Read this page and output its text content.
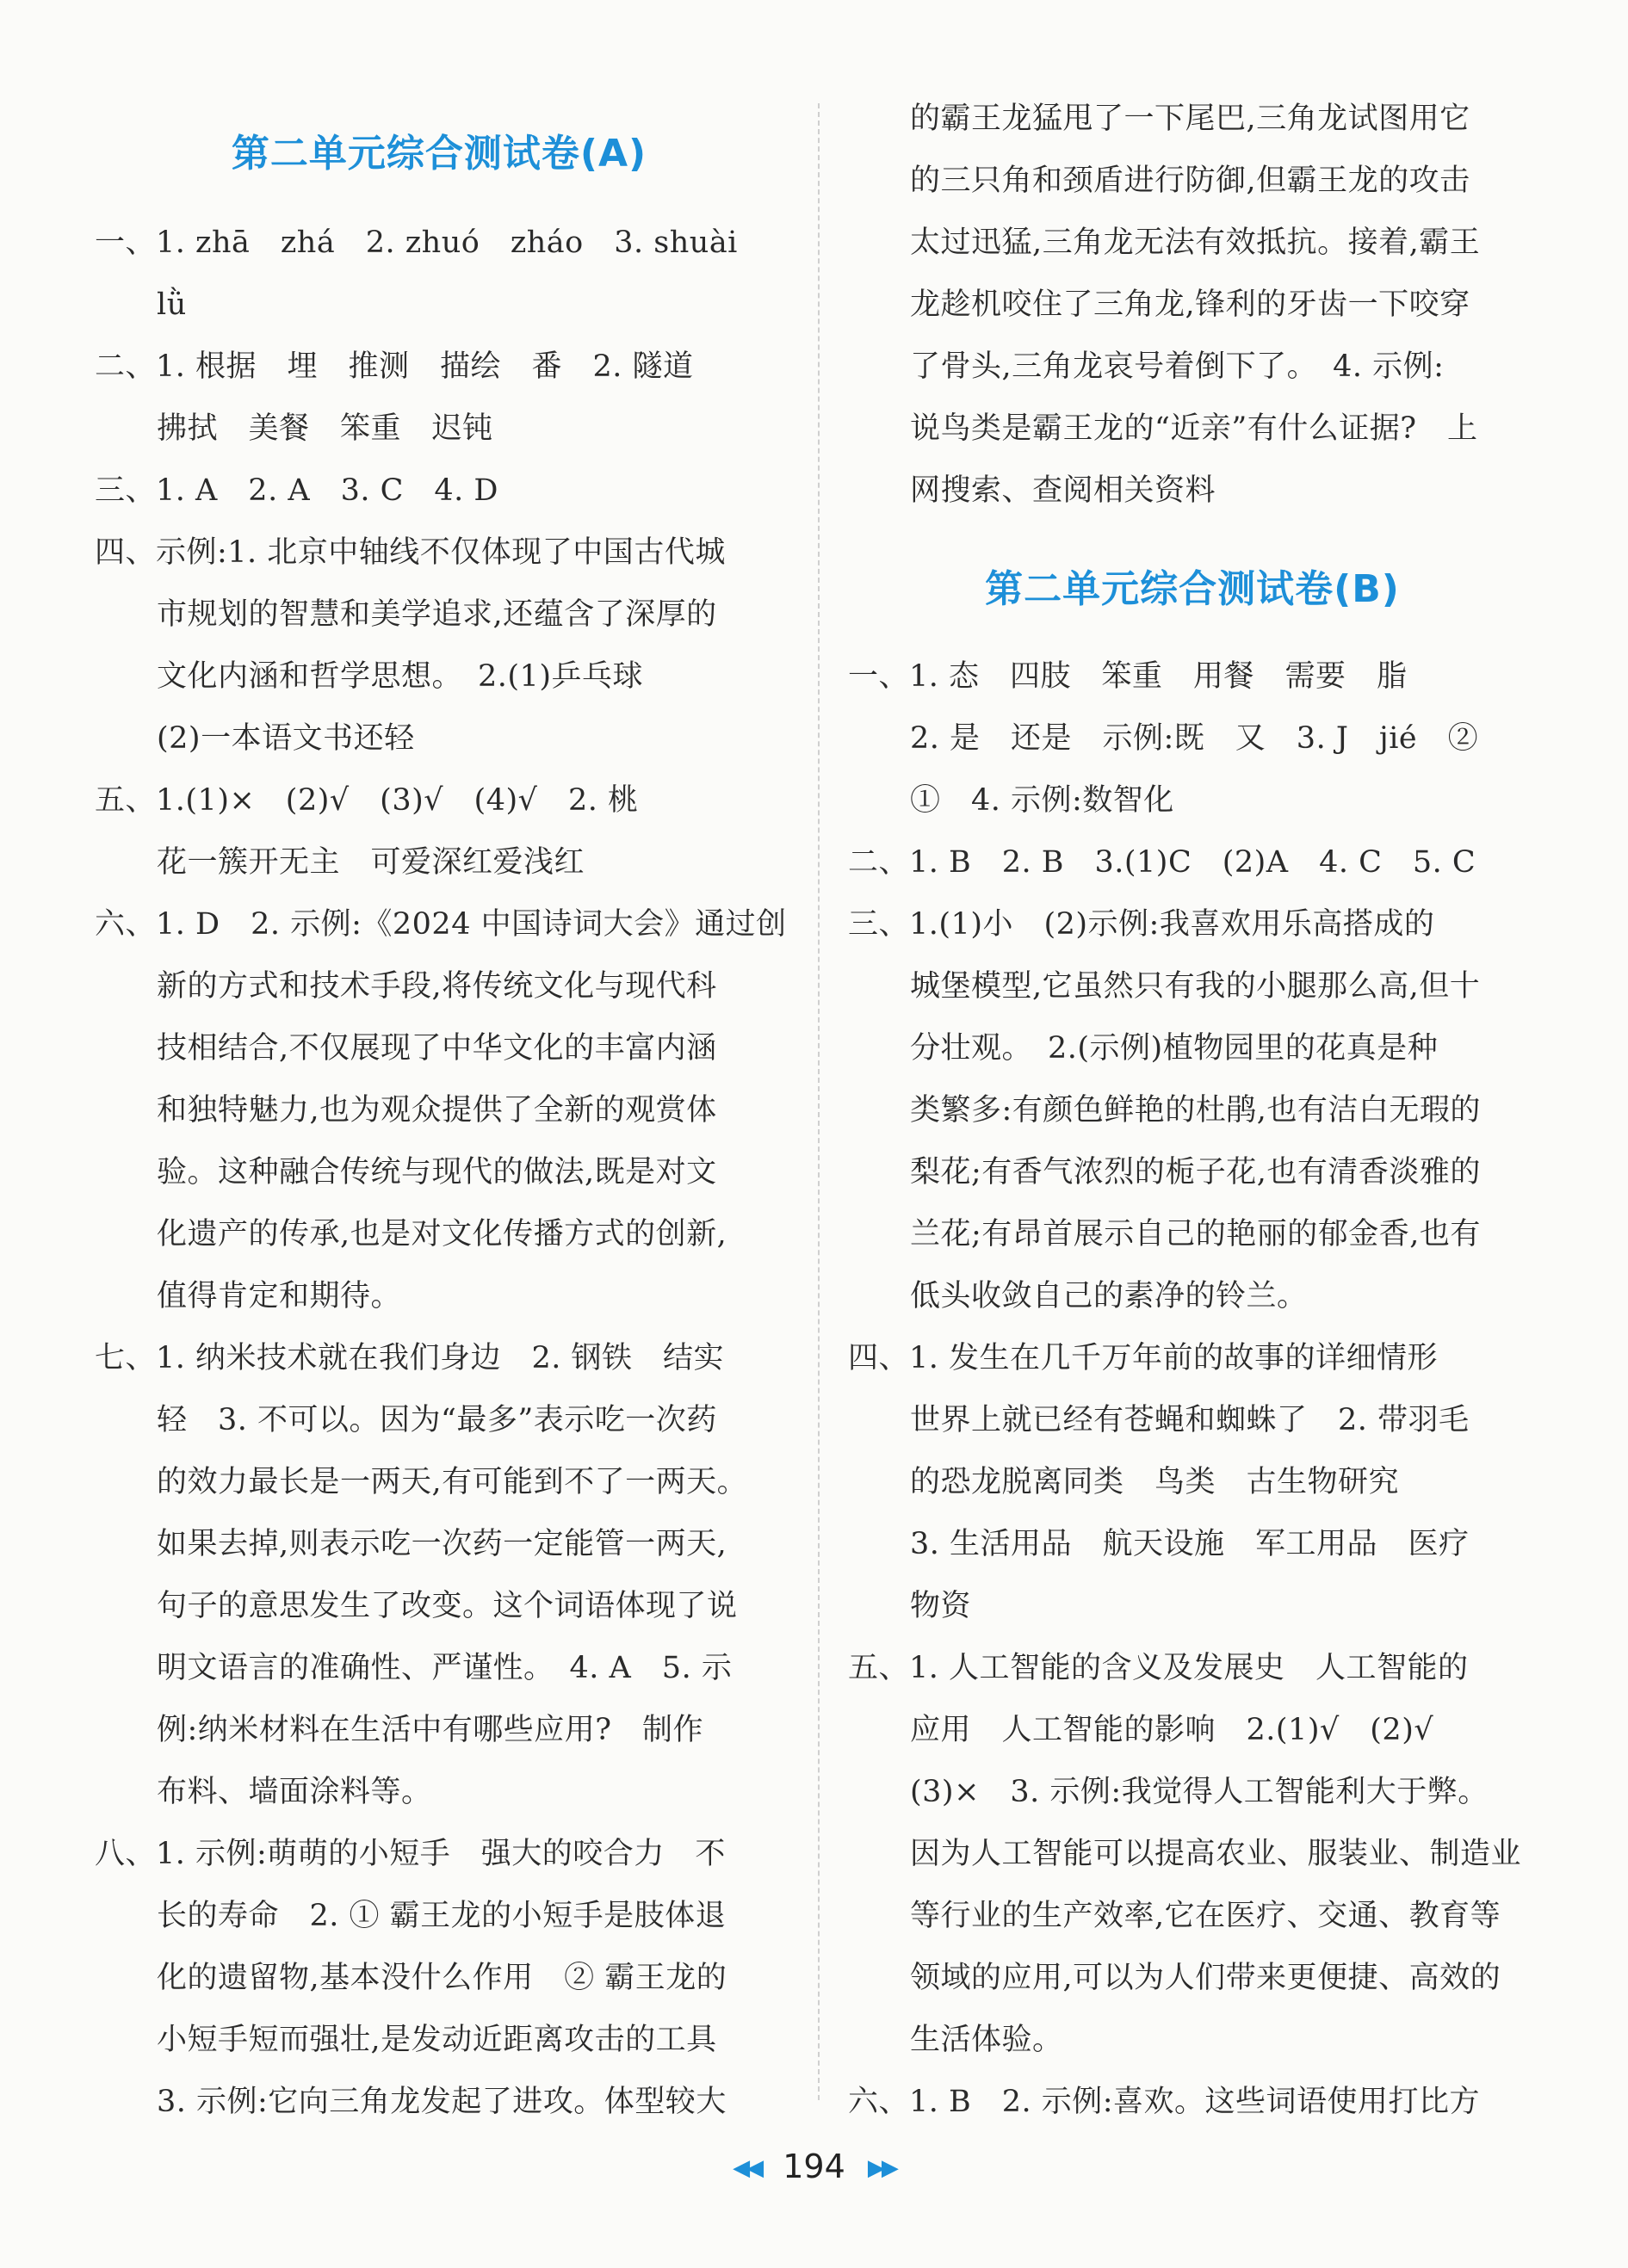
第二单元综合测试卷(A)
一、1. zhā　zhá　2. zhuó　zháo　3. shuài
lǜ
二、1. 根据　埋　推测　描绘　番　2. 隧道
拂拭　美餐　笨重　迟钝
三、1. A　2. A　3. C　4. D
四、示例:1. 北京中轴线不仅体现了中国古代城
市规划的智慧和美学追求,还蕴含了深厚的
文化内涵和哲学思想。　2.(1)乒乓球
(2)一本语文书还轻
五、1.(1)×　(2)√　(3)√　(4)√　2. 桃
花一簇开无主　可爱深红爱浅红
六、1. D　2. 示例:《2024 中国诗词大会》通过创
新的方式和技术手段,将传统文化与现代科
技相结合,不仅展现了中华文化的丰富内涵
和独特魅力,也为观众提供了全新的观赏体
验。这种融合传统与现代的做法,既是对文
化遗产的传承,也是对文化传播方式的创新,
值得肯定和期待。
七、1. 纳米技术就在我们身边　2. 钢铁　结实
轻　3. 不可以。因为“最多”表示吃一次药
的效力最长是一两天,有可能到不了一两天。
如果去掉,则表示吃一次药一定能管一两天,
句子的意思发生了改变。这个词语体现了说
明文语言的准确性、严谨性。　4. A　5. 示
例:纳米材料在生活中有哪些应用?　制作
布料、墙面涂料等。
八、1. 示例:萌萌的小短手　强大的咬合力　不
长的寿命　2. ① 霸王龙的小短手是肢体退
化的遗留物,基本没什么作用　② 霸王龙的
小短手短而强壮,是发动近距离攻击的工具
3. 示例:它向三角龙发起了进攻。体型较大
的霸王龙猛甩了一下尾巴,三角龙试图用它
的三只角和颈盾进行防御,但霸王龙的攻击
太过迅猛,三角龙无法有效抵抗。接着,霸王
龙趁机咬住了三角龙,锋利的牙齿一下咬穿
了骨头,三角龙哀号着倒下了。　4. 示例:
说鸟类是霸王龙的“近亲”有什么证据?　上
网搜索、查阅相关资料
第二单元综合测试卷(B)
一、1. 态　四肢　笨重　用餐　需要　脂
2. 是　还是　示例:既　又　3. J　jié　②
①　4. 示例:数智化
二、1. B　2. B　3.(1)C　(2)A　4. C　5. C
三、1.(1)小　(2)示例:我喜欢用乐高搭成的
城堡模型,它虽然只有我的小腿那么高,但十
分壮观。　2.(示例)植物园里的花真是种
类繁多:有颜色鲜艳的杜鹃,也有洁白无瑕的
梨花;有香气浓烈的栀子花,也有清香淡雅的
兰花;有昂首展示自己的艳丽的郁金香,也有
低头收敛自己的素净的铃兰。
四、1. 发生在几千万年前的故事的详细情形
世界上就已经有苍蝇和蜘蛛了　2. 带羽毛
的恐龙脱离同类　鸟类　古生物研究
3. 生活用品　航天设施　军工用品　医疗
物资
五、1. 人工智能的含义及发展史　人工智能的
应用　人工智能的影响　2.(1)√　(2)√
(3)×　3. 示例:我觉得人工智能利大于弊。
因为人工智能可以提高农业、服装业、制造业
等行业的生产效率,它在医疗、交通、教育等
领域的应用,可以为人们带来更便捷、高效的
生活体验。
六、1. B　2. 示例:喜欢。这些词语使用打比方
◀◀ 194 ▶▶
